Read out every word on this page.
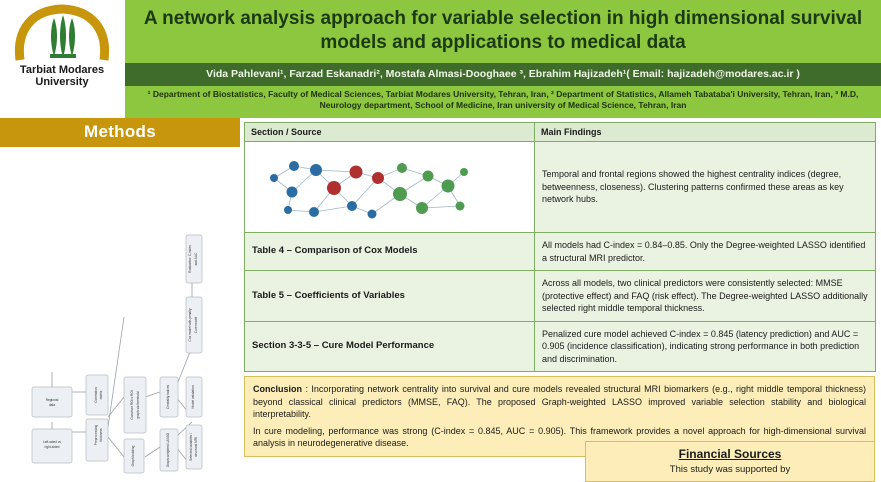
Tarbiat Modares
University
A network analysis approach for variable selection in high dimensional survival models and applications to medical data
Vida Pahlevani¹, Farzad Eskanadri², Mostafa Almasi-Dooghaee ³, Ebrahim Hajizadeh¹( Email: hajizadeh@modares.ac.ir )
¹ Department of Biostatistics, Faculty of Medical Sciences, Tarbiat Modares University, Tehran, Iran, ² Department of Statistics, Allameh Tabataba'i University, Tehran, Iran, ³ M.D, Neurology department, School of Medicine, Iran university of Medical Science, Tehran, Iran
Methods
Left-sided vs
right-sided
Regional
data
Preprocessing thickness
Correlation matrix	Construct ROI x ROI graph via threshold
Graph building
Centrality indices
Graph-weighted LASSO	Selected variables / structural MRI
Model validation
Cox model with penalty Cure model
Evaluation: C-index and AUC
Section / Source	Main Findings

	Temporal and frontal regions showed the highest centrality indices (degree, betweenness, closeness). Clustering patterns confirmed these areas as key network hubs.
Table 4 – Comparison of Cox Models	All models had C-index = 0.84–0.85. Only the Degree-weighted LASSO identified a structural MRI predictor.
Table 5 – Coefficients of Variables	Across all models, two clinical predictors were consistently selected: MMSE (protective effect) and FAQ (risk effect). The Degree-weighted LASSO additionally selected right middle temporal thickness.
Section 3-3-5 – Cure Model Performance	Penalized cure model achieved C-index = 0.845 (latency prediction) and AUC = 0.905 (incidence classification), indicating strong performance in both prediction and discrimination.

Conclusion : Incorporating network centrality into survival and cure models revealed structural MRI biomarkers (e.g., right middle temporal thickness) beyond classical clinical predictors (MMSE, FAQ). The proposed Graph-weighted LASSO improved variable selection stability and biological interpretability.

In cure modeling, performance was strong (C-index = 0.845, AUC = 0.905). This framework provides a novel approach for high-dimensional survival analysis in neurodegenerative disease.

Financial Sources
This study was supported by
